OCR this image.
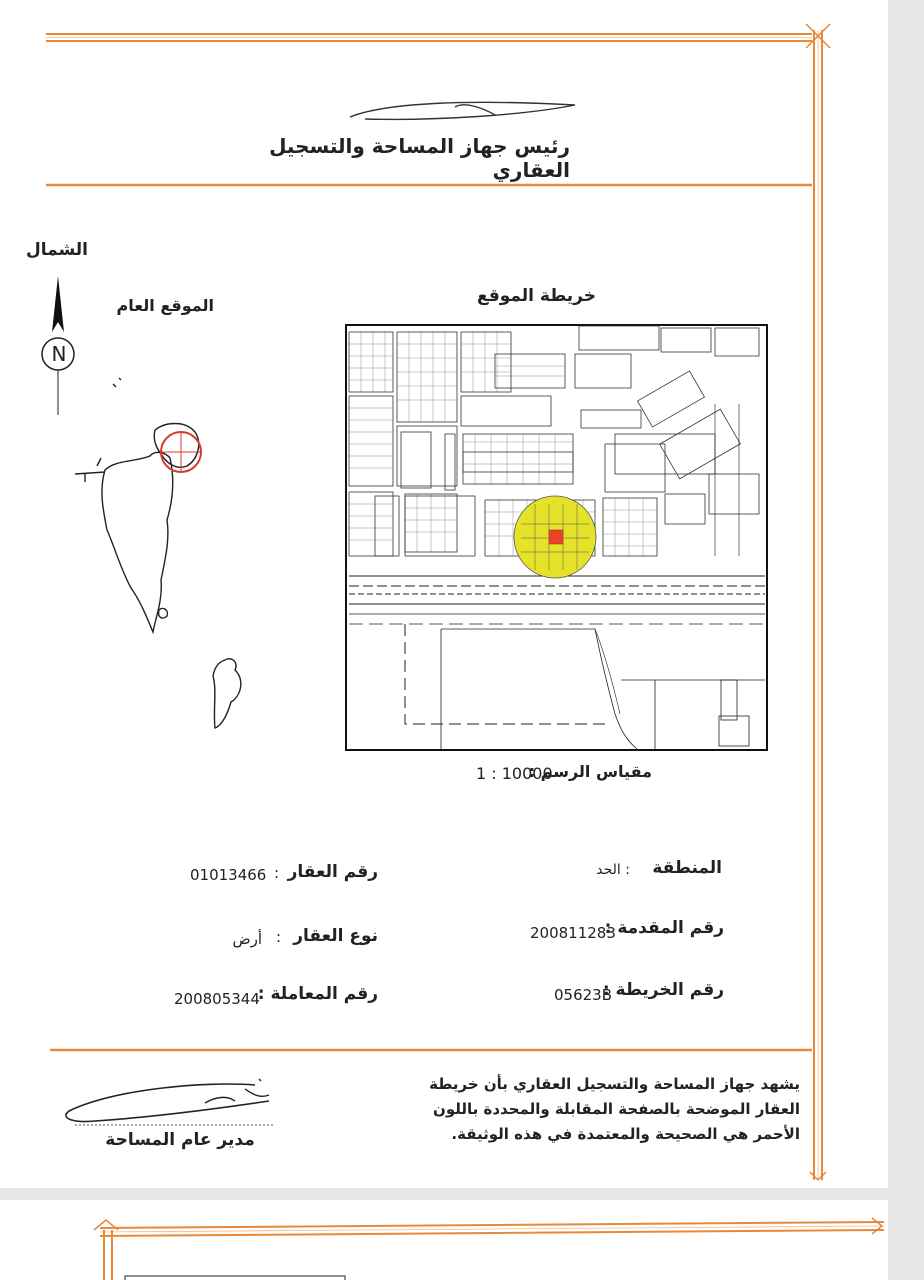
رئيس جهاز المساحة والتسجيل العقاري
خريطة الموقع
الموقع العام
الشمال
N
مقياس الرسم :
1 : 10000
المنطقة
: الحد
رقم العقار
:
01013466
رقم المقدمة :
200811283
نوع العقار
:
أرض
رقم الخريطة :
05623B
رقم المعاملة :
200805344
يشهد جهاز المساحة والتسجيل العقاري بأن خريطة
العقار الموضحة بالصفحة المقابلة والمحددة باللون
الأحمر هي الصحيحة والمعتمدة في هذه الوثيقة.
مدير عام المساحة
